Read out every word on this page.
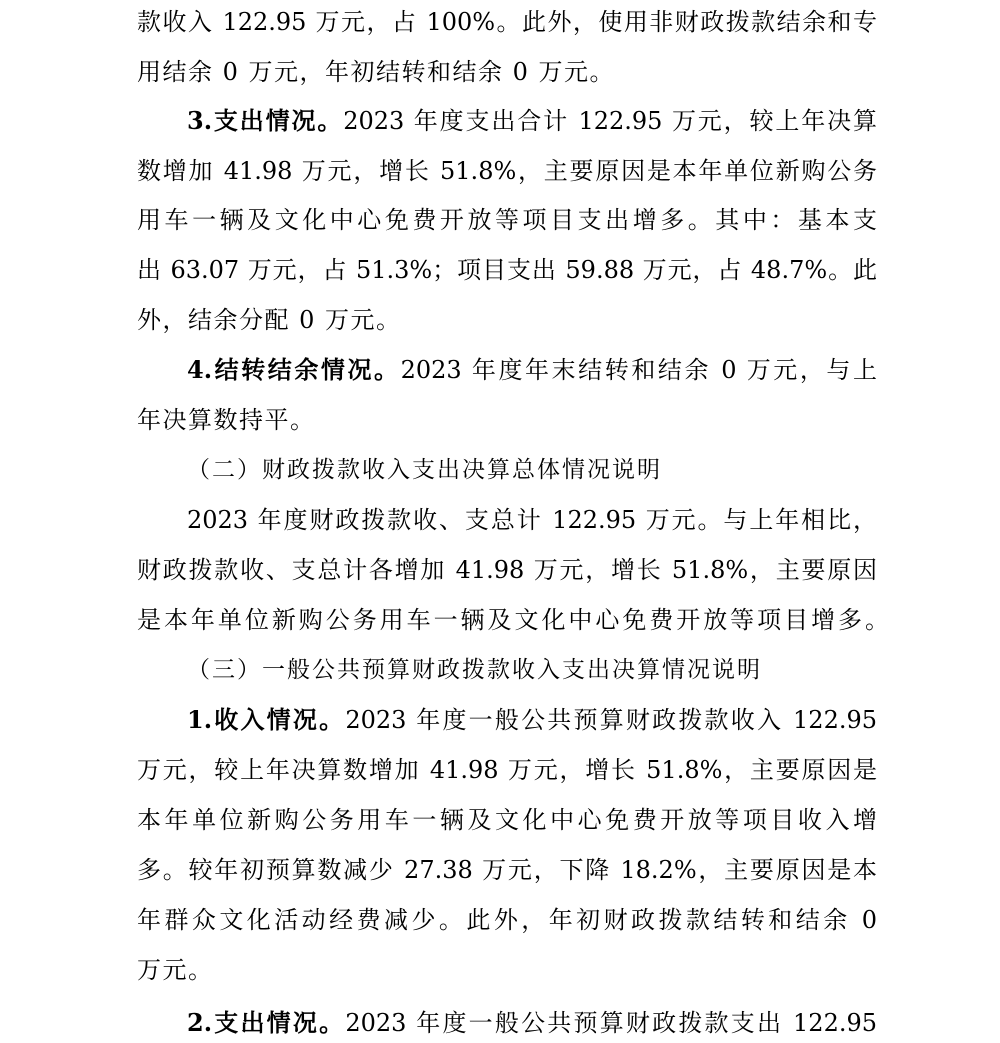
款收入 122.95 万元，占 100%。此外，使用非财政拨款结余和专
用结余 0 万元，年初结转和结余 0 万元。
3.支出情况。2023 年度支出合计 122.95 万元，较上年决算
数增加 41.98 万元，增长 51.8%，主要原因是本年单位新购公务
用车一辆及文化中心免费开放等项目支出增多。其中：基本支
出 63.07 万元，占 51.3%；项目支出 59.88 万元，占 48.7%。此
外，结余分配 0 万元。
4.结转结余情况。2023 年度年末结转和结余 0 万元，与上
年决算数持平。
（二）财政拨款收入支出决算总体情况说明
2023 年度财政拨款收、支总计 122.95 万元。与上年相比，
财政拨款收、支总计各增加 41.98 万元，增长 51.8%，主要原因
是本年单位新购公务用车一辆及文化中心免费开放等项目增多。
（三）一般公共预算财政拨款收入支出决算情况说明
1.收入情况。2023 年度一般公共预算财政拨款收入 122.95
万元，较上年决算数增加 41.98 万元，增长 51.8%，主要原因是
本年单位新购公务用车一辆及文化中心免费开放等项目收入增
多。较年初预算数减少 27.38 万元，下降 18.2%，主要原因是本
年群众文化活动经费减少。此外，年初财政拨款结转和结余 0
万元。
2.支出情况。2023 年度一般公共预算财政拨款支出 122.95
